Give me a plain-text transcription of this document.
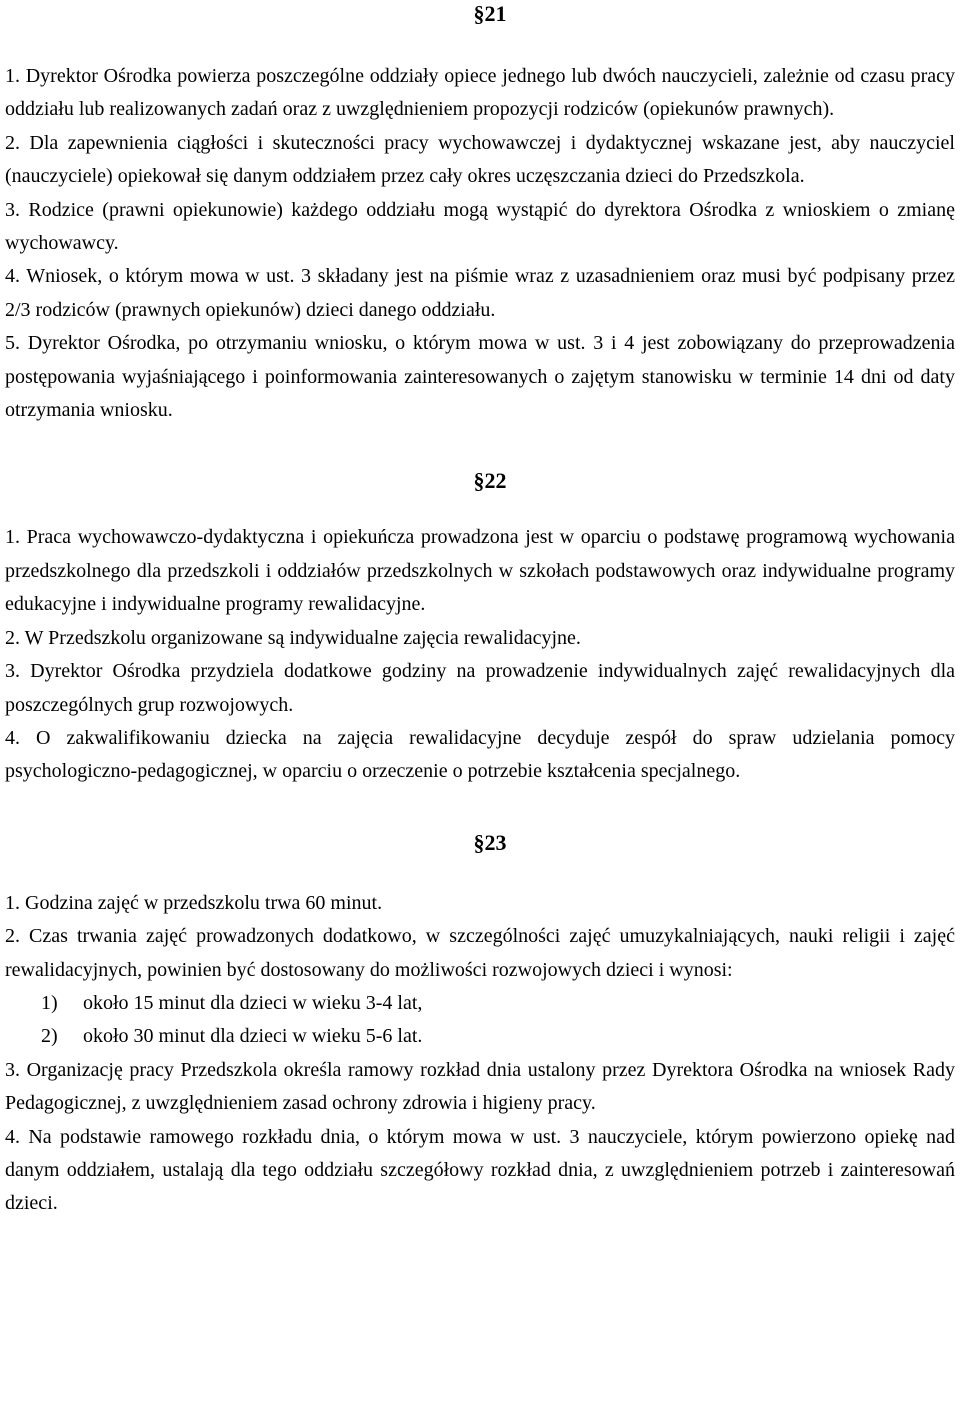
§21

1. Dyrektor Ośrodka powierza poszczególne oddziały opiece jednego lub dwóch nauczycieli, zależnie od czasu pracy oddziału lub realizowanych zadań oraz z uwzględnieniem propozycji rodziców (opiekunów prawnych).

2. Dla zapewnienia ciągłości i skuteczności pracy wychowawczej i dydaktycznej wskazane jest, aby nauczyciel (nauczyciele) opiekował się danym oddziałem przez cały okres uczęszczania dzieci do Przedszkola.

3. Rodzice (prawni opiekunowie) każdego oddziału mogą wystąpić do dyrektora Ośrodka z wnioskiem o zmianę wychowawcy.

4. Wniosek, o którym mowa w ust. 3 składany jest na piśmie wraz z uzasadnieniem oraz musi być podpisany przez 2/3 rodziców (prawnych opiekunów) dzieci danego oddziału.

5. Dyrektor Ośrodka, po otrzymaniu wniosku, o którym mowa w ust. 3 i 4 jest zobowiązany do przeprowadzenia postępowania wyjaśniającego i poinformowania zainteresowanych o zajętym stanowisku w terminie 14 dni od daty otrzymania wniosku.

§22

1. Praca wychowawczo-dydaktyczna i opiekuńcza prowadzona jest w oparciu o podstawę programową wychowania przedszkolnego dla przedszkoli i oddziałów przedszkolnych w szkołach podstawowych oraz indywidualne programy edukacyjne i indywidualne programy rewalidacyjne.

2. W Przedszkolu organizowane są indywidualne zajęcia rewalidacyjne.

3. Dyrektor Ośrodka przydziela dodatkowe godziny na prowadzenie indywidualnych zajęć rewalidacyjnych dla poszczególnych grup rozwojowych.

4. O zakwalifikowaniu dziecka na zajęcia rewalidacyjne decyduje zespół do spraw udzielania pomocy psychologiczno-pedagogicznej, w oparciu o orzeczenie o potrzebie kształcenia specjalnego.

§23

1. Godzina zajęć w przedszkolu trwa 60 minut.

2. Czas trwania zajęć prowadzonych dodatkowo, w szczególności zajęć umuzykalniających, nauki religii i zajęć rewalidacyjnych, powinien być dostosowany do możliwości rozwojowych dzieci i wynosi:

1) około 15 minut dla dzieci w wieku 3-4 lat,
2) około 30 minut dla dzieci w wieku 5-6 lat.

3. Organizację pracy Przedszkola określa ramowy rozkład dnia ustalony przez Dyrektora Ośrodka na wniosek Rady Pedagogicznej, z uwzględnieniem zasad ochrony zdrowia i higieny pracy.

4. Na podstawie ramowego rozkładu dnia, o którym mowa w ust. 3 nauczyciele, którym powierzono opiekę nad danym oddziałem, ustalają dla tego oddziału szczegółowy rozkład dnia, z uwzględnieniem potrzeb i zainteresowań dzieci.
